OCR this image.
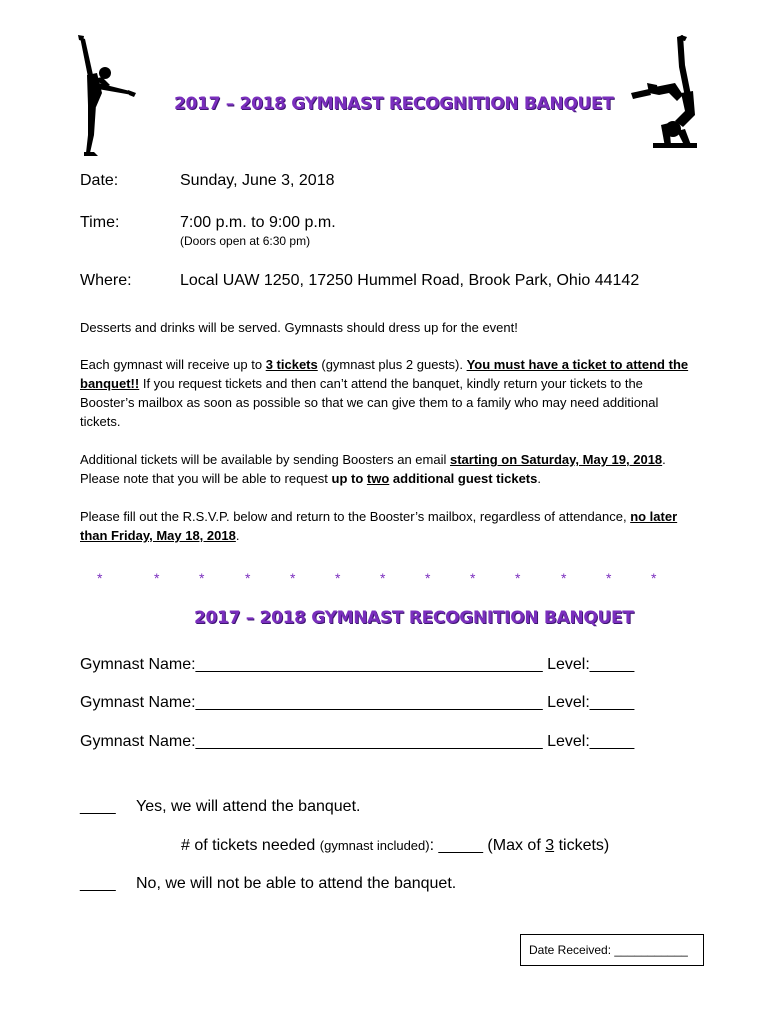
2017 – 2018 GYMNAST RECOGNITION BANQUET
Date:	Sunday, June 3, 2018
Time:	7:00 p.m. to 9:00 p.m.
(Doors open at 6:30 pm)
Where:	Local UAW 1250, 17250 Hummel Road, Brook Park, Ohio 44142
Desserts and drinks will be served. Gymnasts should dress up for the event!
Each gymnast will receive up to 3 tickets (gymnast plus 2 guests). You must have a ticket to attend the banquet!! If you request tickets and then can’t attend the banquet, kindly return your tickets to the Booster’s mailbox as soon as possible so that we can give them to a family who may need additional tickets.
Additional tickets will be available by sending Boosters an email starting on Saturday, May 19, 2018. Please note that you will be able to request up to two additional guest tickets.
Please fill out the R.S.V.P. below and return to the Booster’s mailbox, regardless of attendance, no later than Friday, May 18, 2018.
*	*	*	*	*	*	*	*	*	*	*	*	*
2017 – 2018 GYMNAST RECOGNITION BANQUET
Gymnast Name:_______________________________________ Level:_____
Gymnast Name:_______________________________________ Level:_____
Gymnast Name:_______________________________________ Level:_____
____ Yes, we will attend the banquet.
# of tickets needed (gymnast included): _____ (Max of 3 tickets)
____ No, we will not be able to attend the banquet.
Date Received: ___________
